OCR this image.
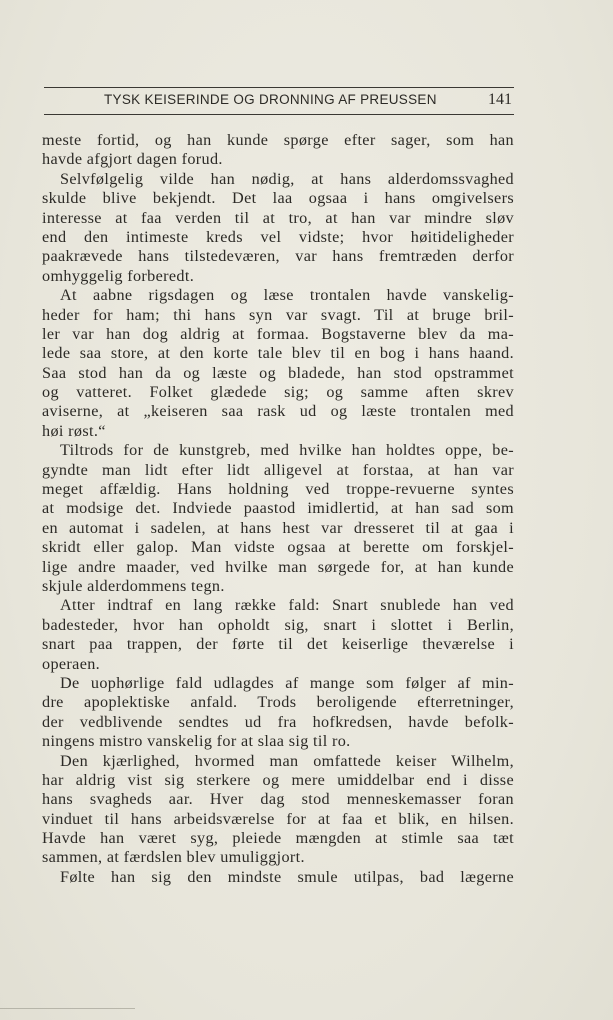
TYSK KEISERINDE OG DRONNING AF PREUSSEN	141
meste fortid, og han kunde spørge efter sager, som han
havde afgjort dagen forud.
Selvfølgelig vilde han nødig, at hans alderdomssvaghed
skulde blive bekjendt. Det laa ogsaa i hans omgivelsers
interesse at faa verden til at tro, at han var mindre sløv
end den intimeste kreds vel vidste; hvor høitideligheder
paakrævede hans tilstedeværen, var hans fremtræden derfor
omhyggelig forberedt.
At aabne rigsdagen og læse trontalen havde vanskelig-
heder for ham; thi hans syn var svagt. Til at bruge bril-
ler var han dog aldrig at formaa. Bogstaverne blev da ma-
lede saa store, at den korte tale blev til en bog i hans haand.
Saa stod han da og læste og bladede, han stod opstrammet
og vatteret. Folket glædede sig; og samme aften skrev
aviserne, at „keiseren saa rask ud og læste trontalen med
høi røst.“
Tiltrods for de kunstgreb, med hvilke han holdtes oppe, be-
gyndte man lidt efter lidt alligevel at forstaa, at han var
meget affældig. Hans holdning ved troppe-revuerne syntes
at modsige det. Indviede paastod imidlertid, at han sad som
en automat i sadelen, at hans hest var dresseret til at gaa i
skridt eller galop. Man vidste ogsaa at berette om forskjel-
lige andre maader, ved hvilke man sørgede for, at han kunde
skjule alderdommens tegn.
Atter indtraf en lang række fald: Snart snublede han ved
badesteder, hvor han opholdt sig, snart i slottet i Berlin,
snart paa trappen, der førte til det keiserlige theværelse i
operaen.
De uophørlige fald udlagdes af mange som følger af min-
dre apoplektiske anfald. Trods beroligende efterretninger,
der vedblivende sendtes ud fra hofkredsen, havde befolk-
ningens mistro vanskelig for at slaa sig til ro.
Den kjærlighed, hvormed man omfattede keiser Wilhelm,
har aldrig vist sig sterkere og mere umiddelbar end i disse
hans svagheds aar. Hver dag stod menneskemasser foran
vinduet til hans arbeidsværelse for at faa et blik, en hilsen.
Havde han været syg, pleiede mængden at stimle saa tæt
sammen, at færdslen blev umuliggjort.
Følte han sig den mindste smule utilpas, bad lægerne
